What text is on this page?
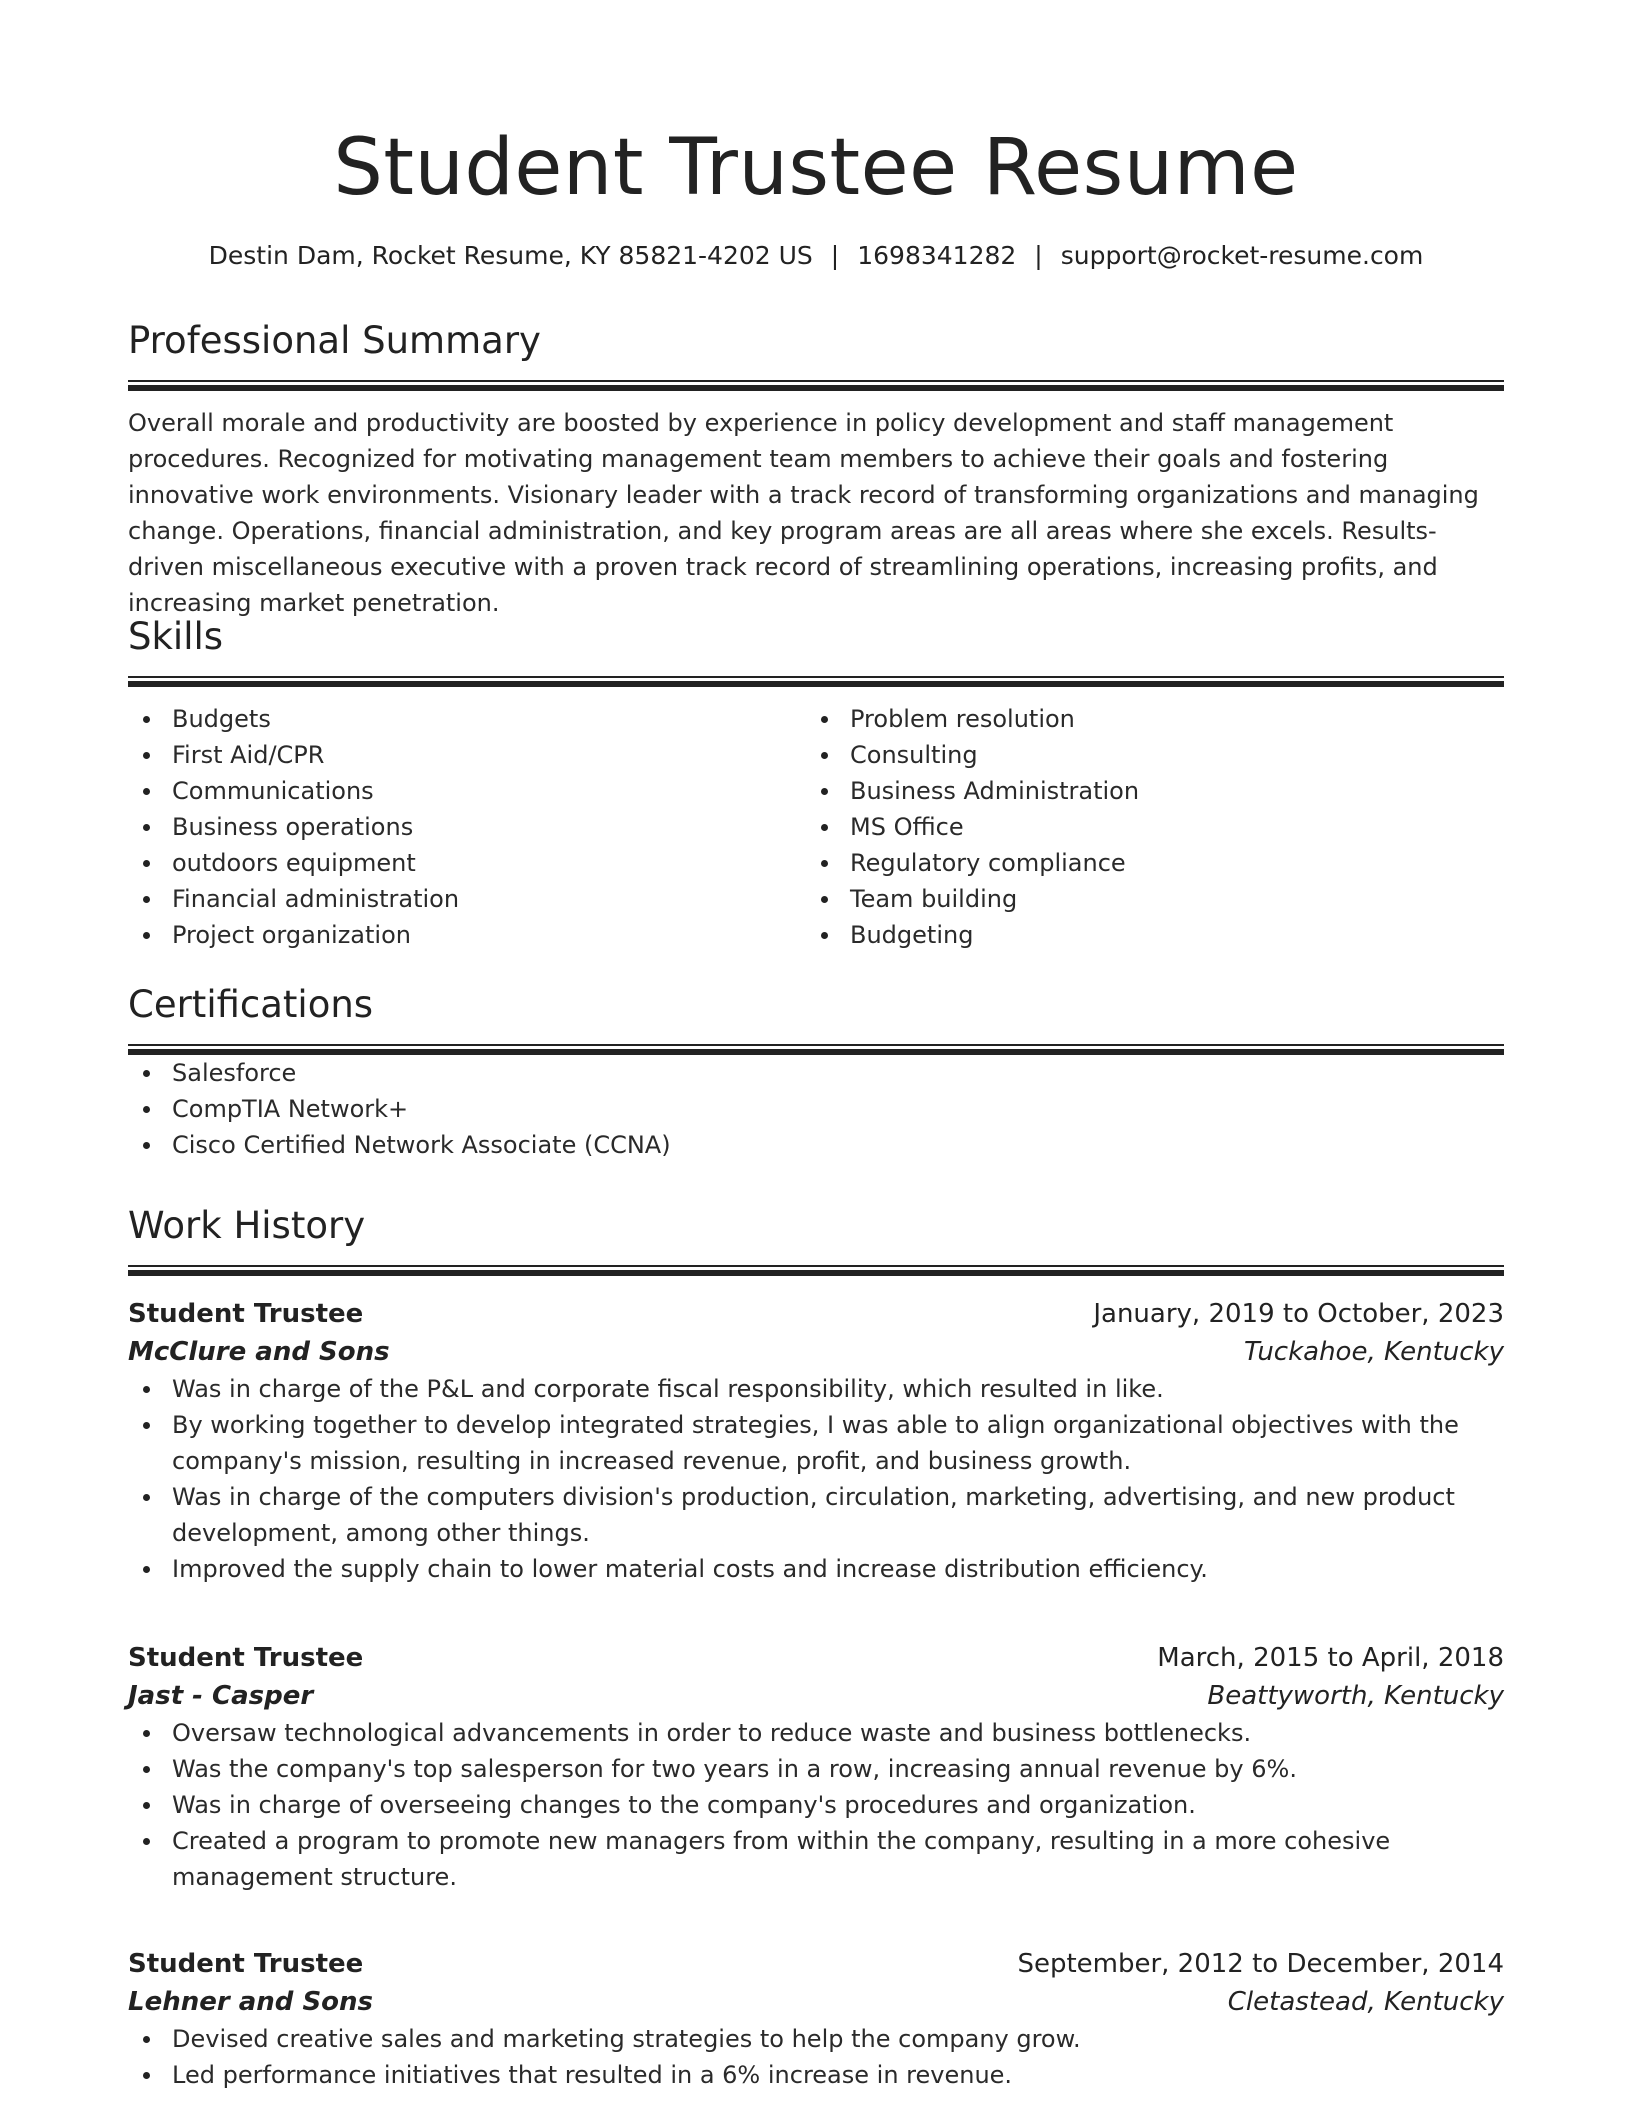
Student Trustee Resume
Destin Dam, Rocket Resume, KY 85821-4202 US | 1698341282 | support@rocket-resume.com
Professional Summary
Overall morale and productivity are boosted by experience in policy development and staff management procedures. Recognized for motivating management team members to achieve their goals and fostering innovative work environments. Visionary leader with a track record of transforming organizations and managing change. Operations, financial administration, and key program areas are all areas where she excels. Results-driven miscellaneous executive with a proven track record of streamlining operations, increasing profits, and increasing market penetration.
Skills
Budgets
First Aid/CPR
Communications
Business operations
outdoors equipment
Financial administration
Project organization
Problem resolution
Consulting
Business Administration
MS Office
Regulatory compliance
Team building
Budgeting
Certifications
Salesforce
CompTIA Network+
Cisco Certified Network Associate (CCNA)
Work History
Student Trustee	January, 2019 to October, 2023
McClure and Sons	Tuckahoe, Kentucky
Was in charge of the P&L and corporate fiscal responsibility, which resulted in like.
By working together to develop integrated strategies, I was able to align organizational objectives with the company's mission, resulting in increased revenue, profit, and business growth.
Was in charge of the computers division's production, circulation, marketing, advertising, and new product development, among other things.
Improved the supply chain to lower material costs and increase distribution efficiency.
Student Trustee	March, 2015 to April, 2018
Jast - Casper	Beattyworth, Kentucky
Oversaw technological advancements in order to reduce waste and business bottlenecks.
Was the company's top salesperson for two years in a row, increasing annual revenue by 6%.
Was in charge of overseeing changes to the company's procedures and organization.
Created a program to promote new managers from within the company, resulting in a more cohesive management structure.
Student Trustee	September, 2012 to December, 2014
Lehner and Sons	Cletastead, Kentucky
Devised creative sales and marketing strategies to help the company grow.
Led performance initiatives that resulted in a 6% increase in revenue.
